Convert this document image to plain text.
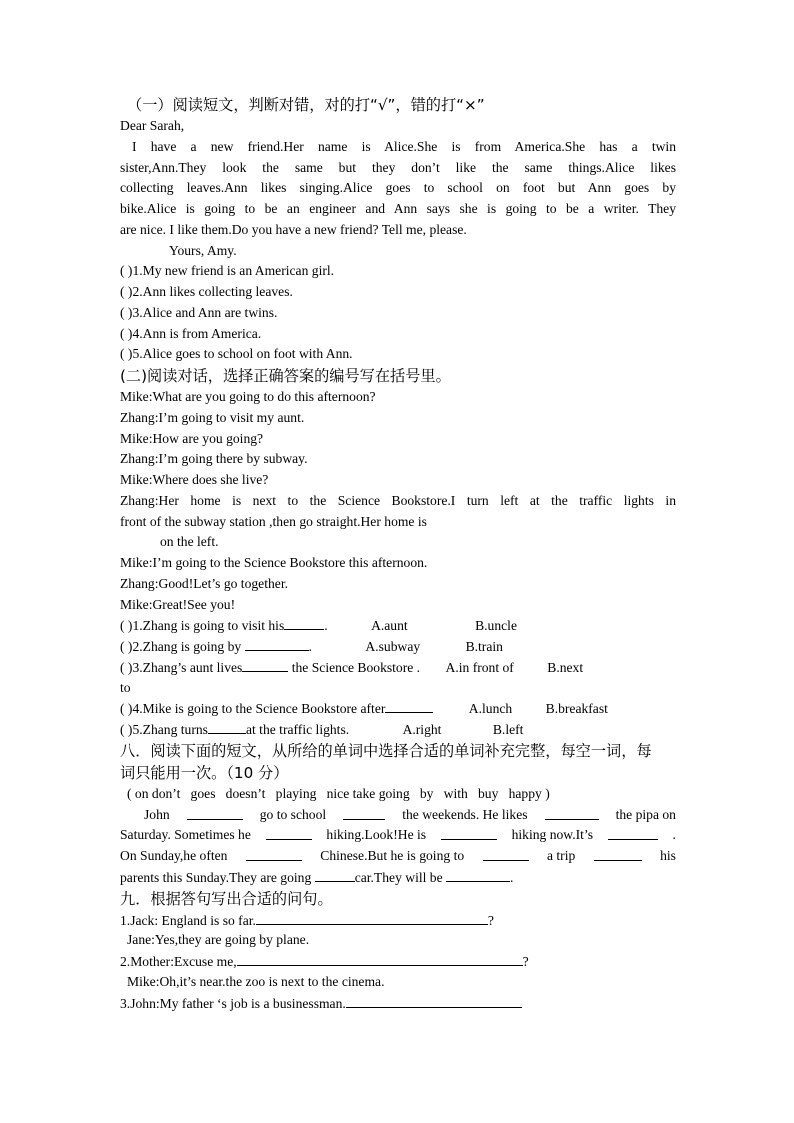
（一）阅读短文，判断对错，对的打“√”，错的打“×”
Dear Sarah,
I have a new friend.Her name is Alice.She is from America.She has a twin
sister,Ann.They look the same but they don’t like the same things.Alice likes
collecting leaves.Ann likes singing.Alice goes to school on foot but Ann goes by
bike.Alice is going to be an engineer and Ann says she is going to be a writer. They
are nice. I like them.Do you have a new friend? Tell me, please.
Yours, Amy.
( )1.My new friend is an American girl.
( )2.Ann likes collecting leaves.
( )3.Alice and Ann are twins.
( )4.Ann is from America.
( )5.Alice goes to school on foot with Ann.
(二)阅读对话，选择正确答案的编号写在括号里。
Mike:What are you going to do this afternoon?
Zhang:I’m going to visit my aunt.
Mike:How are you going?
Zhang:I’m going there by subway.
Mike:Where does she live?
Zhang:Her home is next to the Science Bookstore.I turn left at the traffic lights in
front of the subway station ,then go straight.Her home is
on the left.
Mike:I’m going to the Science Bookstore this afternoon.
Zhang:Good!Let’s go together.
Mike:Great!See you!
( )1.Zhang is going to visit his	.	A.aunt	B.uncle
( )2.Zhang is going by	.	A.subway	B.train
( )3.Zhang’s aunt lives	the Science Bookstore . A.in front of B.next
to
( )4.Mike is going to the Science Bookstore after	A.lunch B.breakfast
( )5.Zhang turns	at the traffic lights.	A.right	B.left
八．阅读下面的短文，从所给的单词中选择合适的单词补充完整，每空一词，每
词只能用一次。（10 分）
( on don’t   goes   doesn’t   playing   nice take going   by   with   buy   happy )
John	go to school	the weekends. He likes	the pipa on
Saturday. Sometimes he	hiking.Look!He is	hiking now.It’s	.
On Sunday,he often	Chinese.But he is going to	a trip	his
parents this Sunday.They are going	car.They will be	.
九．根据答句写出合适的问句。
1.Jack: England is so far.	?
Jane:Yes,they are going by plane.
2.Mother:Excuse me,	?
Mike:Oh,it’s near.the zoo is next to the cinema.
3.John:My father ‘s job is a businessman.
